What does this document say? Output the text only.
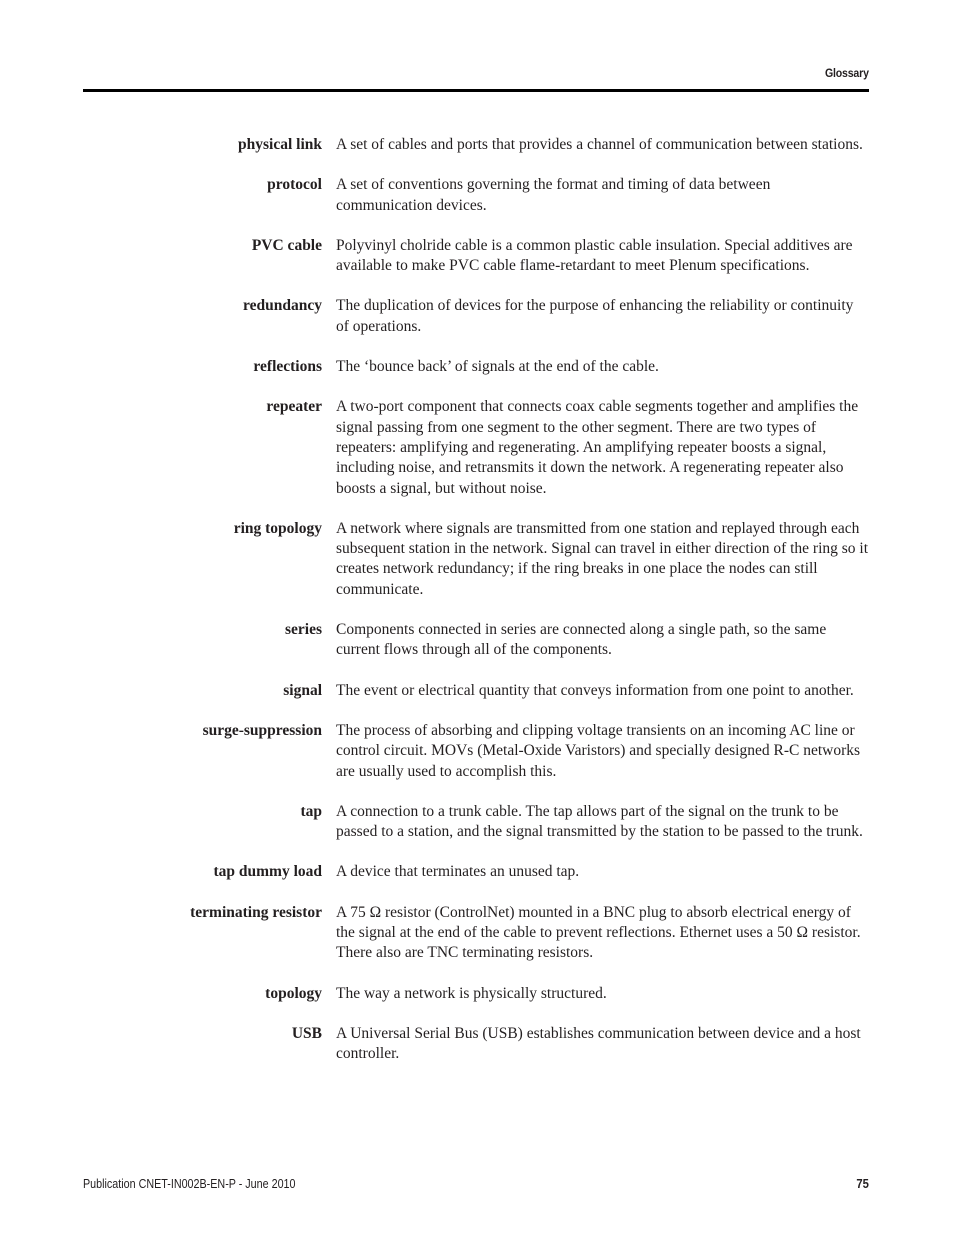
Glossary
physical link A set of cables and ports that provides a channel of communication between stations.
protocol A set of conventions governing the format and timing of data between communication devices.
PVC cable Polyvinyl cholride cable is a common plastic cable insulation. Special additives are available to make PVC cable flame-retardant to meet Plenum specifications.
redundancy The duplication of devices for the purpose of enhancing the reliability or continuity of operations.
reflections The ‘bounce back’ of signals at the end of the cable.
repeater A two-port component that connects coax cable segments together and amplifies the signal passing from one segment to the other segment. There are two types of repeaters: amplifying and regenerating. An amplifying repeater boosts a signal, including noise, and retransmits it down the network. A regenerating repeater also boosts a signal, but without noise.
ring topology A network where signals are transmitted from one station and replayed through each subsequent station in the network. Signal can travel in either direction of the ring so it creates network redundancy; if the ring breaks in one place the nodes can still communicate.
series Components connected in series are connected along a single path, so the same current flows through all of the components.
signal The event or electrical quantity that conveys information from one point to another.
surge-suppression The process of absorbing and clipping voltage transients on an incoming AC line or control circuit. MOVs (Metal-Oxide Varistors) and specially designed R-C networks are usually used to accomplish this.
tap A connection to a trunk cable. The tap allows part of the signal on the trunk to be passed to a station, and the signal transmitted by the station to be passed to the trunk.
tap dummy load A device that terminates an unused tap.
terminating resistor A 75 Ω resistor (ControlNet) mounted in a BNC plug to absorb electrical energy of the signal at the end of the cable to prevent reflections. Ethernet uses a 50 Ω resistor. There also are TNC terminating resistors.
topology The way a network is physically structured.
USB A Universal Serial Bus (USB) establishes communication between device and a host controller.
Publication CNET-IN002B-EN-P - June 2010	75
